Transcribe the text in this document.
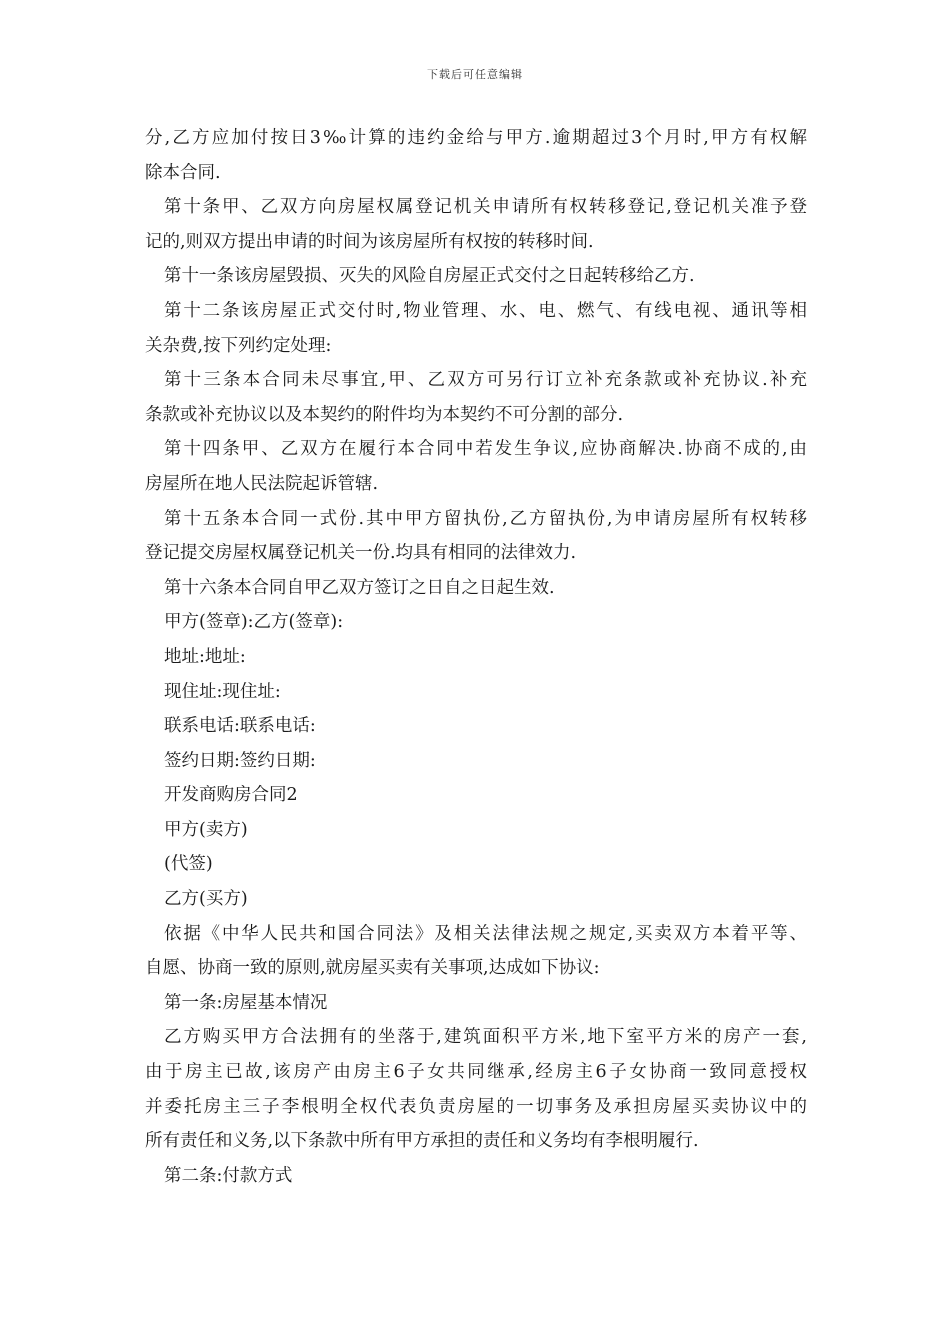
下载后可任意编辑
分,乙方应加付按日3‰计算的违约金给与甲方.逾期超过3个月时,甲方有权解
除本合同.
第十条甲、乙双方向房屋权属登记机关申请所有权转移登记,登记机关准予登
记的,则双方提出申请的时间为该房屋所有权按的转移时间.
第十一条该房屋毁损、灭失的风险自房屋正式交付之日起转移给乙方.
第十二条该房屋正式交付时,物业管理、水、电、燃气、有线电视、通讯等相
关杂费,按下列约定处理:
第十三条本合同未尽事宜,甲、乙双方可另行订立补充条款或补充协议.补充
条款或补充协议以及本契约的附件均为本契约不可分割的部分.
第十四条甲、乙双方在履行本合同中若发生争议,应协商解决.协商不成的,由
房屋所在地人民法院起诉管辖.
第十五条本合同一式份.其中甲方留执份,乙方留执份,为申请房屋所有权转移
登记提交房屋权属登记机关一份.均具有相同的法律效力.
第十六条本合同自甲乙双方签订之日自之日起生效.
甲方(签章):乙方(签章):
地址:地址:
现住址:现住址:
联系电话:联系电话:
签约日期:签约日期:
开发商购房合同2
甲方(卖方)
(代签)
乙方(买方)
依据《中华人民共和国合同法》及相关法律法规之规定,买卖双方本着平等、
自愿、协商一致的原则,就房屋买卖有关事项,达成如下协议:
第一条:房屋基本情况
乙方购买甲方合法拥有的坐落于,建筑面积平方米,地下室平方米的房产一套,
由于房主已故,该房产由房主6子女共同继承,经房主6子女协商一致同意授权
并委托房主三子李根明全权代表负责房屋的一切事务及承担房屋买卖协议中的
所有责任和义务,以下条款中所有甲方承担的责任和义务均有李根明履行.
第二条:付款方式
